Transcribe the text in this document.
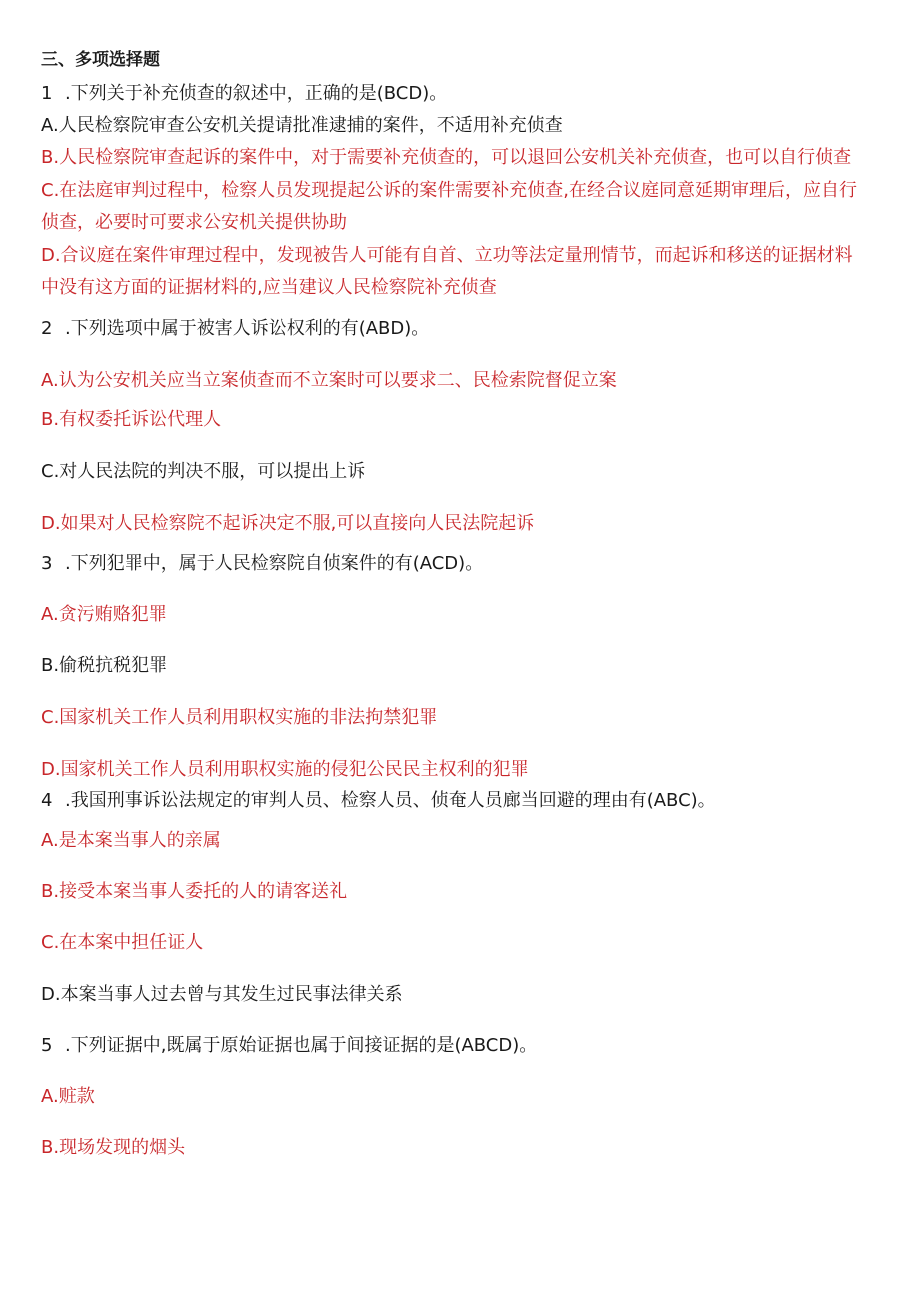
三、多项选择题
1 .下列关于补充侦查的叙述中，正确的是(BCD)。
A.人民检察院审查公安机关提请批准逮捕的案件，不适用补充侦查
B.人民检察院审查起诉的案件中，对于需要补充侦查的，可以退回公安机关补充侦查，也可以自行侦查
C.在法庭审判过程中，检察人员发现提起公诉的案件需要补充侦查,在经合议庭同意延期审理后，应自行
侦查，必要时可要求公安机关提供协助
D.合议庭在案件审理过程中，发现被告人可能有自首、立功等法定量刑情节，而起诉和移送的证据材料
中没有这方面的证据材料的,应当建议人民检察院补充侦查
2 .下列选项中属于被害人诉讼权利的有(ABD)。
A.认为公安机关应当立案侦查而不立案时可以要求二、民检索院督促立案
B.有权委托诉讼代理人
C.对人民法院的判决不服，可以提出上诉
D.如果对人民检察院不起诉决定不服,可以直接向人民法院起诉
3 .下列犯罪中，属于人民检察院自侦案件的有(ACD)。
A.贪污贿赂犯罪
B.偷税抗税犯罪
C.国家机关工作人员利用职权实施的非法拘禁犯罪
D.国家机关工作人员利用职权实施的侵犯公民民主权利的犯罪
4 .我国刑事诉讼法规定的审判人员、检察人员、侦奄人员廊当回避的理由有(ABC)。
A.是本案当事人的亲属
B.接受本案当事人委托的人的请客送礼
C.在本案中担任证人
D.本案当事人过去曾与其发生过民事法律关系
5 .下列证据中,既属于原始证据也属于间接证据的是(ABCD)。
A.赃款
B.现场发现的烟头
